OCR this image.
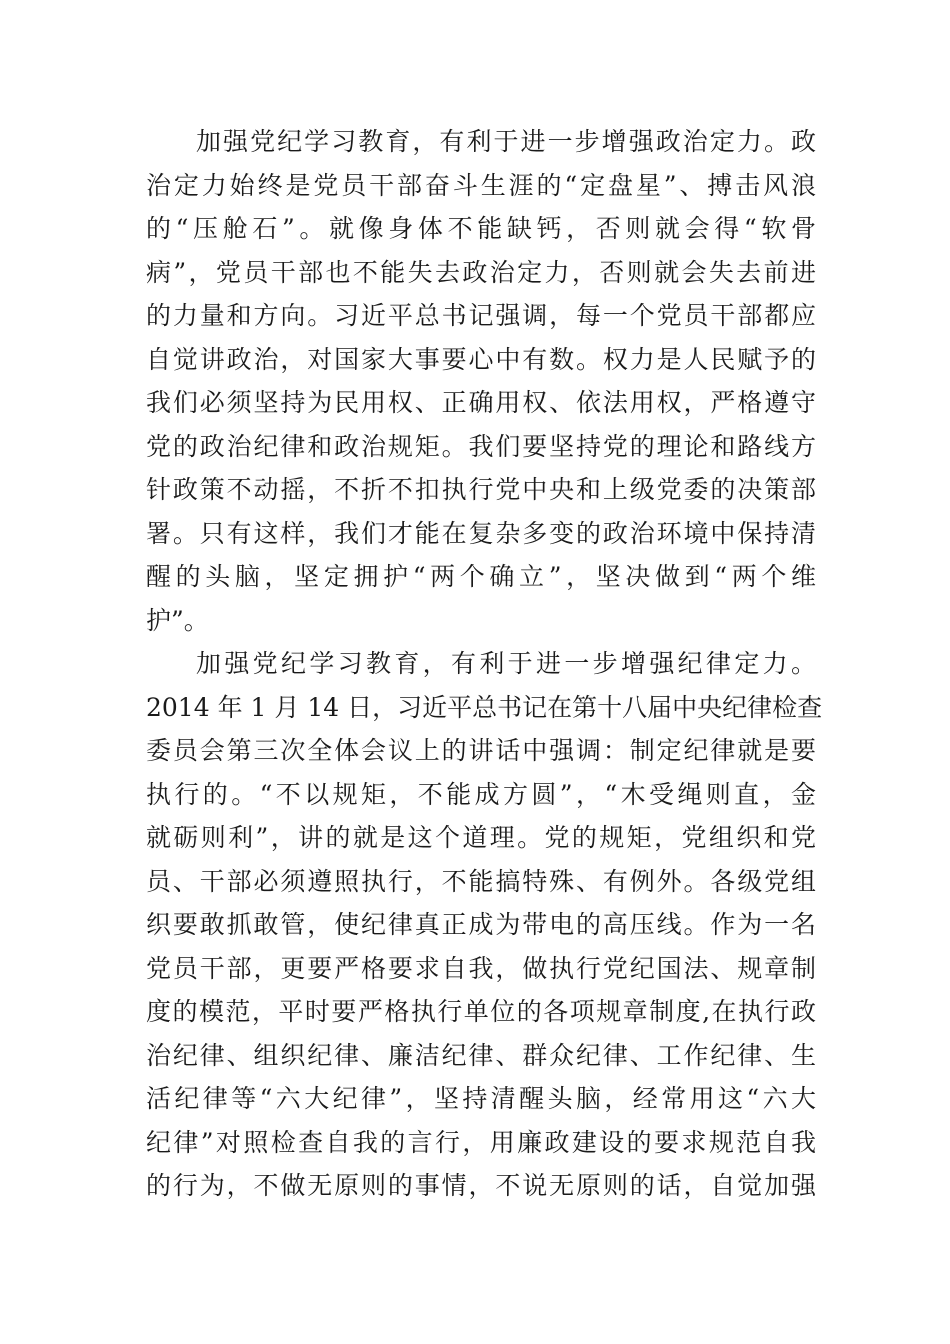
加强党纪学习教育，有利于进一步增强政治定力。政
治定力始终是党员干部奋斗生涯的“定盘星”、搏击风浪
的“压舱石”。就像身体不能缺钙，否则就会得“软骨
病”，党员干部也不能失去政治定力，否则就会失去前进
的力量和方向。习近平总书记强调，每一个党员干部都应
自觉讲政治，对国家大事要心中有数。权力是人民赋予的
我们必须坚持为民用权、正确用权、依法用权，严格遵守
党的政治纪律和政治规矩。我们要坚持党的理论和路线方
针政策不动摇，不折不扣执行党中央和上级党委的决策部
署。只有这样，我们才能在复杂多变的政治环境中保持清
醒的头脑，坚定拥护“两个确立”，坚决做到“两个维
护”。
加强党纪学习教育，有利于进一步增强纪律定力。
2014 年 1 月 14 日，习近平总书记在第十八届中央纪律检查
委员会第三次全体会议上的讲话中强调：制定纪律就是要
执行的。“不以规矩，不能成方圆”，“木受绳则直，金
就砺则利”，讲的就是这个道理。党的规矩，党组织和党
员、干部必须遵照执行，不能搞特殊、有例外。各级党组
织要敢抓敢管，使纪律真正成为带电的高压线。作为一名
党员干部，更要严格要求自我，做执行党纪国法、规章制
度的模范，平时要严格执行单位的各项规章制度,在执行政
治纪律、组织纪律、廉洁纪律、群众纪律、工作纪律、生
活纪律等“六大纪律”，坚持清醒头脑，经常用这“六大
纪律”对照检查自我的言行，用廉政建设的要求规范自我
的行为，不做无原则的事情，不说无原则的话，自觉加强
